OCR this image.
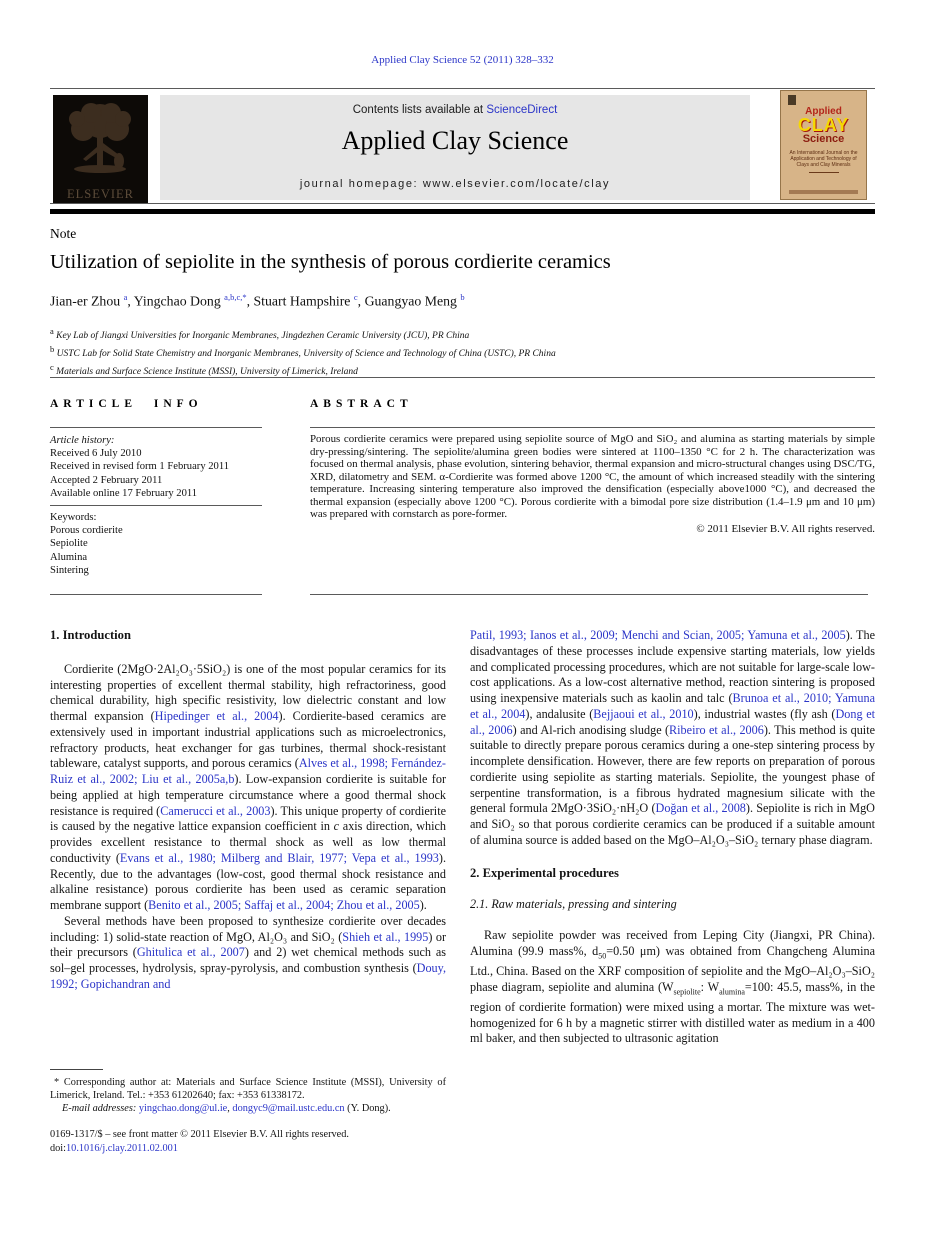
Applied Clay Science 52 (2011) 328–332
ELSEVIER
Contents lists available at ScienceDirect
Applied Clay Science
journal homepage: www.elsevier.com/locate/clay
Applied
CLAY
Science
An International Journal on the Application and Technology of Clays and Clay Minerals
Note
Utilization of sepiolite in the synthesis of porous cordierite ceramics
Jian-er Zhou $^a$, Yingchao Dong $^{a,b,c,*}$, Stuart Hampshire $^c$, Guangyao Meng $^b$
$^a$ Key Lab of Jiangxi Universities for Inorganic Membranes, Jingdezhen Ceramic University (JCU), PR China
$^b$ USTC Lab for Solid State Chemistry and Inorganic Membranes, University of Science and Technology of China (USTC), PR China
$^c$ Materials and Surface Science Institute (MSSI), University of Limerick, Ireland
ARTICLE INFO	ABSTRACT
Article history:
Received 6 July 2010
Received in revised form 1 February 2011
Accepted 2 February 2011
Available online 17 February 2011
Keywords:
Porous cordierite
Sepiolite
Alumina
Sintering
Porous cordierite ceramics were prepared using sepiolite source of MgO and SiO₂ and alumina as starting materials by simple dry-pressing/sintering. The sepiolite/alumina green bodies were sintered at 1100–1350 °C for 2 h. The characterization was focused on thermal analysis, phase evolution, sintering behavior, thermal expansion and micro-structural changes using DSC/TG, XRD, dilatometry and SEM. α-Cordierite was formed above 1200 °C, the amount of which increased steadily with the sintering temperature. Increasing sintering temperature also improved the densification (especially above1000 °C), and decreased the thermal expansion (especially above 1200 °C). Porous cordierite with a bimodal pore size distribution (1.4–1.9 μm and 10 μm) was prepared with cornstarch as pore-former.
© 2011 Elsevier B.V. All rights reserved.
1. Introduction

Cordierite (2MgO·2Al₂O₃·5SiO₂) is one of the most popular ceramics for its interesting properties of excellent thermal stability, high refractoriness, good chemical durability, high specific resistivity, low dielectric constant and low thermal expansion (Hipedinger et al., 2004). Cordierite-based ceramics are extensively used in important industrial applications such as microelectronics, refractory products, heat exchanger for gas turbines, thermal shock-resistant tableware, catalyst supports, and porous ceramics (Alves et al., 1998; Fernández-Ruiz et al., 2002; Liu et al., 2005a,b). Low-expansion cordierite is suitable for being applied at high temperature circumstance where a good thermal shock resistance is required (Camerucci et al., 2003). This unique property of cordierite is caused by the negative lattice expansion coefficient in c axis direction, which provides excellent resistance to thermal shock as well as low thermal conductivity (Evans et al., 1980; Milberg and Blair, 1977; Vepa et al., 1993). Recently, due to the advantages (low-cost, good thermal shock resistance and alkaline resistance) porous cordierite has been used as ceramic separation membrane support (Benito et al., 2005; Saffaj et al., 2004; Zhou et al., 2005).

Several methods have been proposed to synthesize cordierite over decades including: 1) solid-state reaction of MgO, Al₂O₃ and SiO₂ (Shieh et al., 1995) or their precursors (Ghitulica et al., 2007) and 2) wet chemical methods such as sol–gel processes, hydrolysis, spray-pyrolysis, and combustion synthesis (Douy, 1992; Gopichandran and

Patil, 1993; Ianos et al., 2009; Menchi and Scian, 2005; Yamuna et al., 2005). The disadvantages of these processes include expensive starting materials, low yields and complicated processing procedures, which are not suitable for large-scale low-cost applications. As a low-cost alternative method, reaction sintering is proposed using inexpensive materials such as kaolin and talc (Brunoa et al., 2010; Yamuna et al., 2004), andalusite (Bejjaoui et al., 2010), industrial wastes (fly ash (Dong et al., 2006) and Al-rich anodising sludge (Ribeiro et al., 2006). This method is quite suitable to directly prepare porous ceramics during a one-step sintering process by incomplete densification. However, there are few reports on preparation of porous cordierite using sepiolite as starting materials. Sepiolite, the youngest phase of serpentine transformation, is a fibrous hydrated magnesium silicate with the general formula 2MgO·3SiO₂·nH₂O (Doğan et al., 2008). Sepiolite is rich in MgO and SiO₂ so that porous cordierite ceramics can be produced if a suitable amount of alumina source is added based on the MgO–Al₂O₃–SiO₂ ternary phase diagram.

2. Experimental procedures
2.1. Raw materials, pressing and sintering

Raw sepiolite powder was received from Leping City (Jiangxi, PR China). Alumina (99.9 mass%, $d_{50}=0.50$ μm) was obtained from Changcheng Alumina Ltd., China. Based on the XRF composition of sepiolite and the MgO–Al₂O₃–SiO₂ phase diagram, sepiolite and alumina ($W_{sepiolite}$: $W_{alumina}=100$: 45.5, mass%, in the region of cordierite formation) were mixed using a mortar. The mixture was wet-homogenized for 6 h by a magnetic stirrer with distilled water as medium in a 400 ml baker, and then subjected to ultrasonic agitation

* Corresponding author at: Materials and Surface Science Institute (MSSI), University of Limerick, Ireland. Tel.: +353 61202640; fax: +353 61338172.
E-mail addresses: yingchao.dong@ul.ie, dongyc9@mail.ustc.edu.cn (Y. Dong).
0169-1317/$ – see front matter © 2011 Elsevier B.V. All rights reserved.
doi:10.1016/j.clay.2011.02.001
